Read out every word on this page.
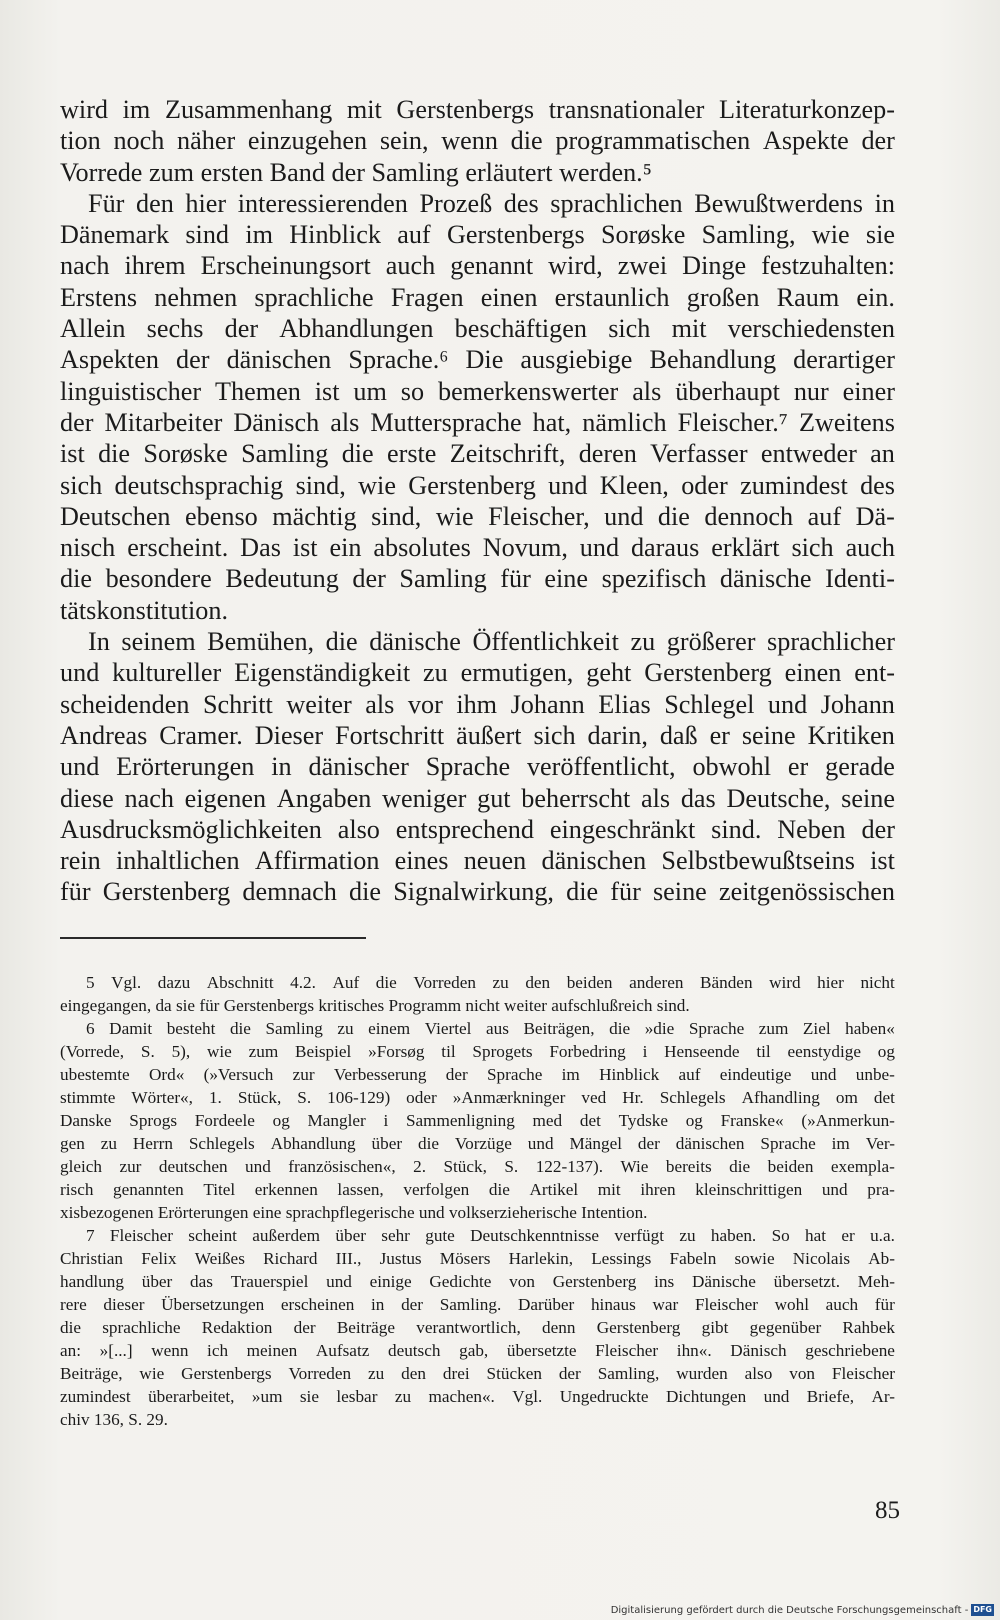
wird im Zusammenhang mit Gerstenbergs transnationaler Literaturkonzep-
tion noch näher einzugehen sein, wenn die programmatischen Aspekte der
Vorrede zum ersten Band der Samling erläutert werden.⁵
Für den hier interessierenden Prozeß des sprachlichen Bewußtwerdens in
Dänemark sind im Hinblick auf Gerstenbergs Sorøske Samling, wie sie
nach ihrem Erscheinungsort auch genannt wird, zwei Dinge festzuhalten:
Erstens nehmen sprachliche Fragen einen erstaunlich großen Raum ein.
Allein sechs der Abhandlungen beschäftigen sich mit verschiedensten
Aspekten der dänischen Sprache.⁶ Die ausgiebige Behandlung derartiger
linguistischer Themen ist um so bemerkenswerter als überhaupt nur einer
der Mitarbeiter Dänisch als Muttersprache hat, nämlich Fleischer.⁷ Zweitens
ist die Sorøske Samling die erste Zeitschrift, deren Verfasser entweder an
sich deutschsprachig sind, wie Gerstenberg und Kleen, oder zumindest des
Deutschen ebenso mächtig sind, wie Fleischer, und die dennoch auf Dä-
nisch erscheint. Das ist ein absolutes Novum, und daraus erklärt sich auch
die besondere Bedeutung der Samling für eine spezifisch dänische Identi-
tätskonstitution.
In seinem Bemühen, die dänische Öffentlichkeit zu größerer sprachlicher
und kultureller Eigenständigkeit zu ermutigen, geht Gerstenberg einen ent-
scheidenden Schritt weiter als vor ihm Johann Elias Schlegel und Johann
Andreas Cramer. Dieser Fortschritt äußert sich darin, daß er seine Kritiken
und Erörterungen in dänischer Sprache veröffentlicht, obwohl er gerade
diese nach eigenen Angaben weniger gut beherrscht als das Deutsche, seine
Ausdrucksmöglichkeiten also entsprechend eingeschränkt sind. Neben der
rein inhaltlichen Affirmation eines neuen dänischen Selbstbewußtseins ist
für Gerstenberg demnach die Signalwirkung, die für seine zeitgenössischen
5 Vgl. dazu Abschnitt 4.2. Auf die Vorreden zu den beiden anderen Bänden wird hier nicht
eingegangen, da sie für Gerstenbergs kritisches Programm nicht weiter aufschlußreich sind.
6 Damit besteht die Samling zu einem Viertel aus Beiträgen, die »die Sprache zum Ziel haben«
(Vorrede, S. 5), wie zum Beispiel »Forsøg til Sprogets Forbedring i Henseende til eenstydige og
ubestemte Ord« (»Versuch zur Verbesserung der Sprache im Hinblick auf eindeutige und unbe-
stimmte Wörter«, 1. Stück, S. 106-129) oder »Anmærkninger ved Hr. Schlegels Afhandling om det
Danske Sprogs Fordeele og Mangler i Sammenligning med det Tydske og Franske« (»Anmerkun-
gen zu Herrn Schlegels Abhandlung über die Vorzüge und Mängel der dänischen Sprache im Ver-
gleich zur deutschen und französischen«, 2. Stück, S. 122-137). Wie bereits die beiden exempla-
risch genannten Titel erkennen lassen, verfolgen die Artikel mit ihren kleinschrittigen und pra-
xisbezogenen Erörterungen eine sprachpflegerische und volkserzieherische Intention.
7 Fleischer scheint außerdem über sehr gute Deutschkenntnisse verfügt zu haben. So hat er u.a.
Christian Felix Weißes Richard III., Justus Mösers Harlekin, Lessings Fabeln sowie Nicolais Ab-
handlung über das Trauerspiel und einige Gedichte von Gerstenberg ins Dänische übersetzt. Meh-
rere dieser Übersetzungen erscheinen in der Samling. Darüber hinaus war Fleischer wohl auch für
die sprachliche Redaktion der Beiträge verantwortlich, denn Gerstenberg gibt gegenüber Rahbek
an: »[...] wenn ich meinen Aufsatz deutsch gab, übersetzte Fleischer ihn«. Dänisch geschriebene
Beiträge, wie Gerstenbergs Vorreden zu den drei Stücken der Samling, wurden also von Fleischer
zumindest überarbeitet, »um sie lesbar zu machen«. Vgl. Ungedruckte Dichtungen und Briefe, Ar-
chiv 136, S. 29.
85
Digitalisierung gefördert durch die Deutsche Forschungsgemeinschaft - DFG
